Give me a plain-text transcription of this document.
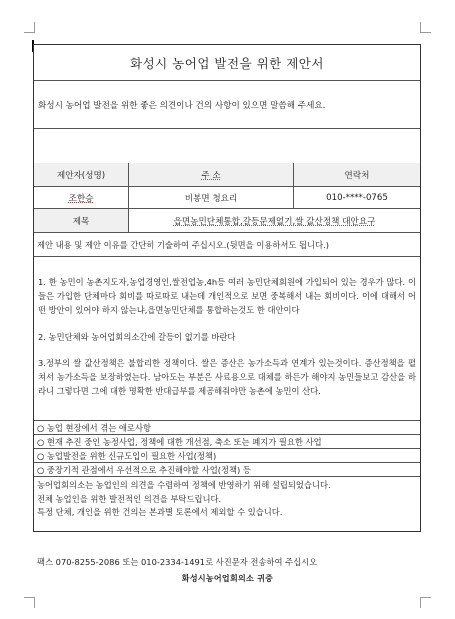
화성시 농어업 발전을 위한 제안서
화성시 농어업 발전을 위한 좋은 의견이나 건의 사항이 있으면 말씀해 주세요.
제안자(성명)	주 소	연락처
조한승	비봉면 청요리	010-****-0765
제목	읍면농민단체통합,갈등문제없기,쌀 값산정책 대안요구
제안 내용 및 제안 이유를 간단히 기술하여 주십시오.(뒷면을 이용하셔도 됩니다.)

1. 한 농민이 농촌지도자,농업경영인,쌀전업농,4h등 여러 농민단체회원에 가입되어 있는 경우가 많다. 이들은 가입한 단체마다 회비를 따로따로 내는데 개인적으로 보면 중복해서 내는 회비이다. 이에 대해서 어떤 방안이 있어야 하지 않는냐,읍면농민단체를 통합하는것도 한 대안이다

2. 농민단체와 농어업회의소간에 갈등이 없기를 바란다

3.정부의 쌀 값산정책은 불합리한 정책이다. 쌀은 증산은 농가소득과 연계가 있는것이다. 증산정책을 펼쳐서 농가소득을 보장하였는다. 남아도는 부분은 사료용으로 대체를 하든가 해야지 농민들보고 감산을 하라니 그렇다면 그에 대한 명확한 반대급부를 제공해줘야만 농촌에 농민이 산다.

○ 농업 현장에서 겪는 애로사항
○ 현재 추진 중인 농정사업, 정책에 대한 개선점, 축소 또는 폐지가 필요한 사업
○ 농업발전을 위한 신규도입이 필요한 사업(정책)
○ 중장기적 관점에서 우선적으로 추진해야할 사업(정책) 등
농어업회의소는 농업인의 의견을 수렴하여 정책에 반영하기 위해 설립되었습니다.
전체 농업인을 위한 발전적인 의견을 부탁드립니다.
특정 단체, 개인을 위한 건의는 본과별 토론에서 제외할 수 있습니다.
팩스 070-8255-2086 또는 010-2334-1491로 사진문자 전송하여 주십시오
화성시농어업회의소 귀중
